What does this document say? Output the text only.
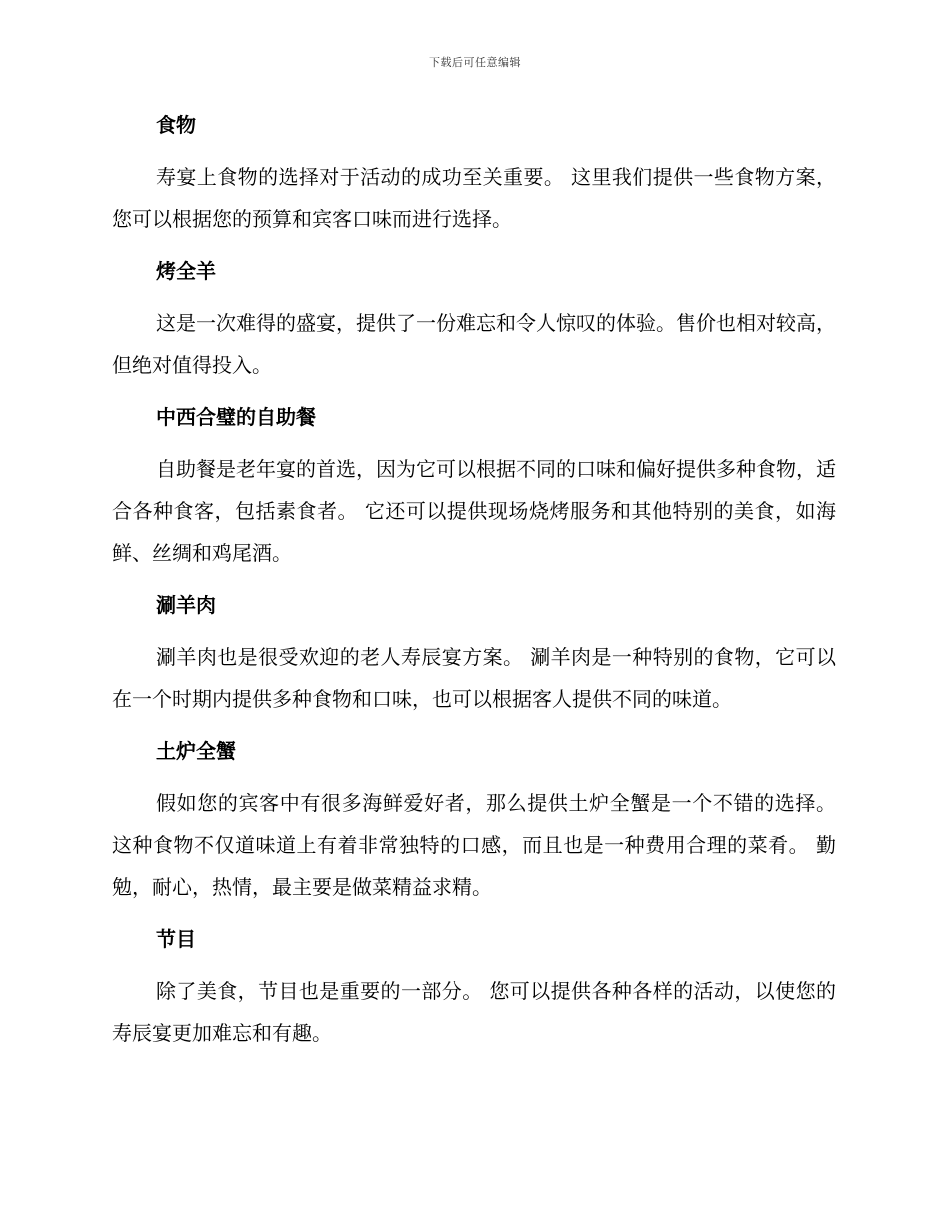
下载后可任意编辑
食物

寿宴上食物的选择对于活动的成功至关重要。 这里我们提供一些食物方案，您可以根据您的预算和宾客口味而进行选择。

烤全羊

这是一次难得的盛宴，提供了一份难忘和令人惊叹的体验。售价也相对较高，但绝对值得投入。

中西合璧的自助餐

自助餐是老年宴的首选，因为它可以根据不同的口味和偏好提供多种食物，适合各种食客，包括素食者。 它还可以提供现场烧烤服务和其他特别的美食，如海鲜、丝绸和鸡尾酒。

涮羊肉

涮羊肉也是很受欢迎的老人寿辰宴方案。 涮羊肉是一种特别的食物，它可以在一个时期内提供多种食物和口味，也可以根据客人提供不同的味道。

土炉全蟹

假如您的宾客中有很多海鲜爱好者，那么提供土炉全蟹是一个不错的选择。 这种食物不仅道味道上有着非常独特的口感，而且也是一种费用合理的菜肴。 勤勉，耐心，热情，最主要是做菜精益求精。

节目

除了美食，节目也是重要的一部分。 您可以提供各种各样的活动，以使您的寿辰宴更加难忘和有趣。
